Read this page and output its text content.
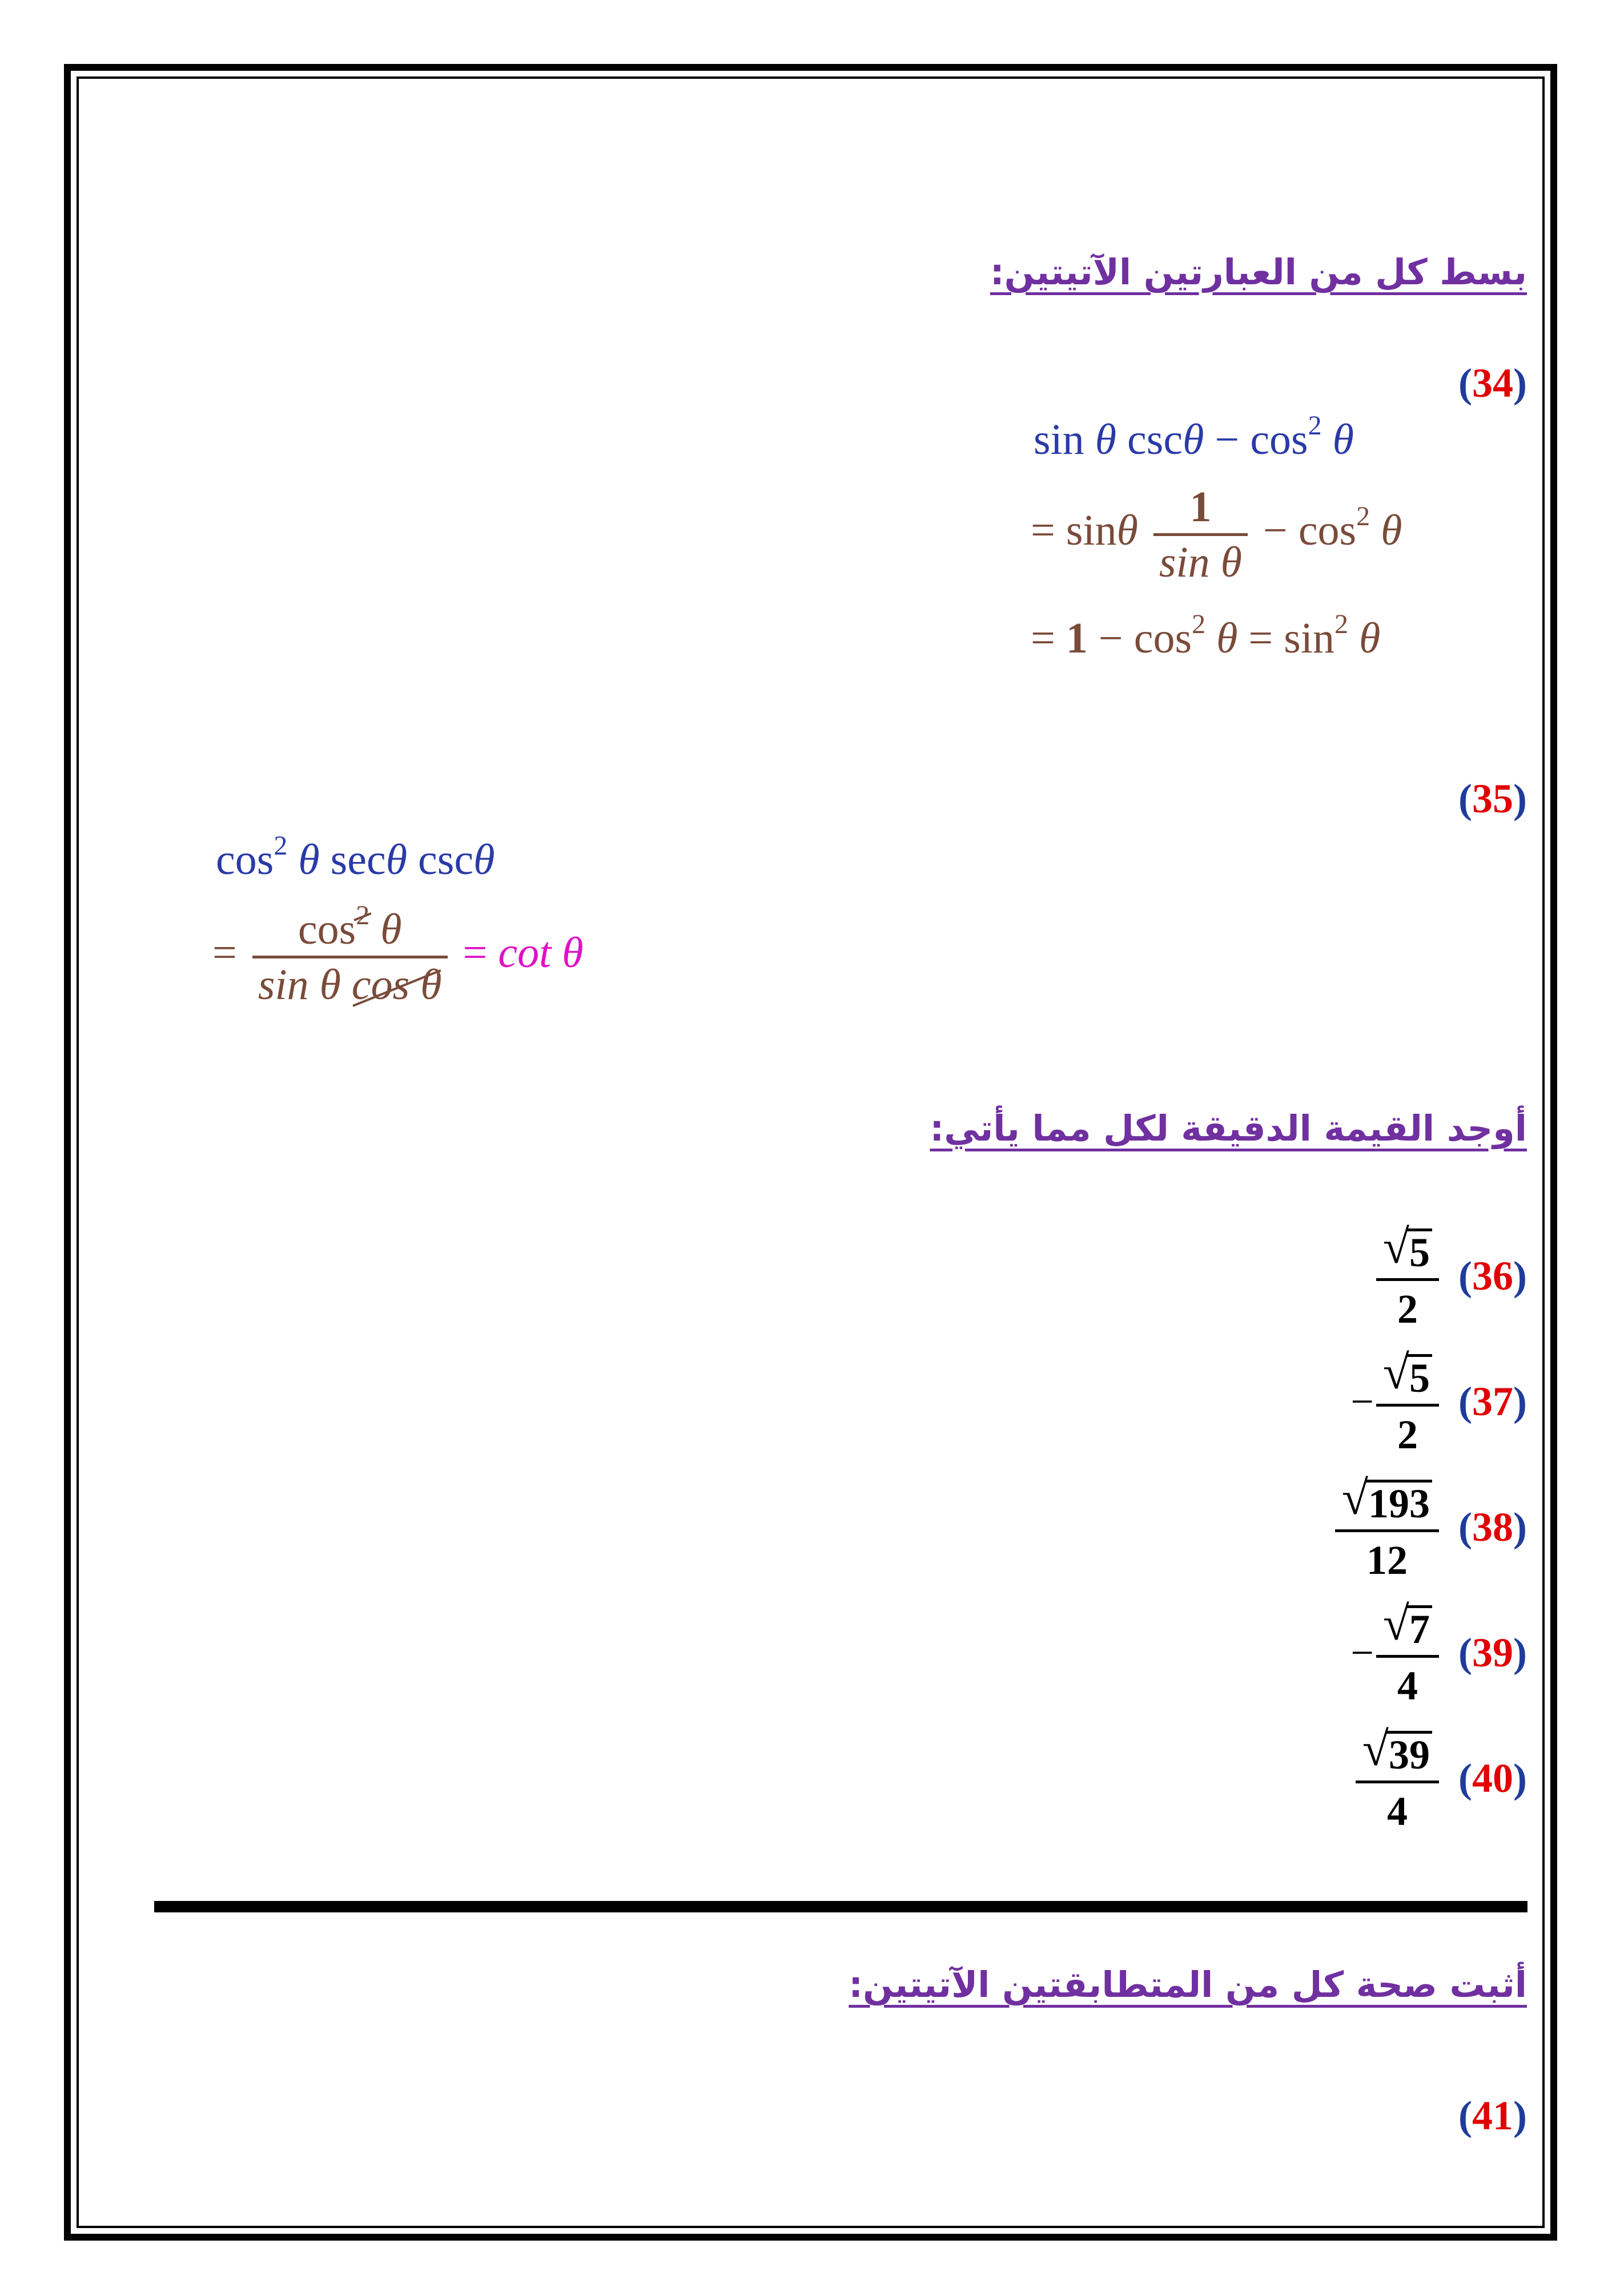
بسط كل من العبارتين الآتيتين:
(34)
sin θ $\csc\theta - \cos^2 \theta$
= sinθ $\frac{1}{\text{sin θ}} - \cos^2 \theta$
= $1 - \cos^2 \theta = \sin^2 \theta$
(35)
$\cos^2 \theta$ secθ cscθ
= $\frac{\cos^2 \theta}{\text{sin θ cos θ}} = \cot \theta$
أوجد القيمة الدقيقة لكل مما يأتي:
$\frac{√ 5}{2} (36)$
− $\frac{√ 5}{2} (37)$
$\frac{√ 193}{12} (38)$
− $\frac{√ 7}{4} (39)$
$\frac{√ 39}{4} (40)$
أثبت صحة كل من المتطابقتين الآتيتين:
(41)
